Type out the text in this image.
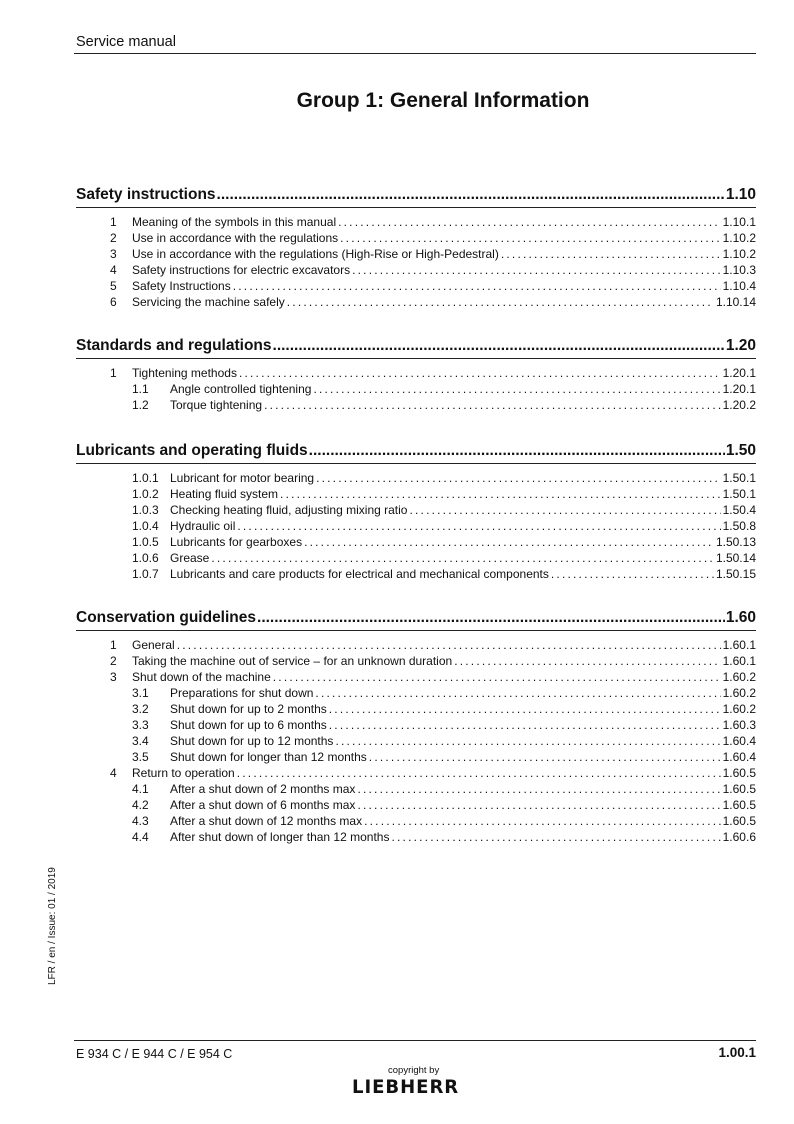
Service manual
Group 1: General Information
Safety instructions .....	1.10
1	Meaning of the symbols in this manual .....	1.10.1
2	Use in accordance with the regulations .....	1.10.2
3	Use in accordance with the regulations (High-Rise or High-Pedestral) .....	1.10.2
4	Safety instructions for electric excavators .....	1.10.3
5	Safety Instructions .....	1.10.4
6	Servicing the machine safely .....	1.10.14
Standards and regulations .....	1.20
1	Tightening methods .....	1.20.1
1.1	Angle controlled tightening .....	1.20.1
1.2	Torque tightening .....	1.20.2
Lubricants and operating fluids .....	1.50
1.0.1 Lubricant for motor bearing .....	1.50.1
1.0.2 Heating fluid system .....	1.50.1
1.0.3 Checking heating fluid, adjusting mixing ratio .....	1.50.4
1.0.4 Hydraulic oil .....	1.50.8
1.0.5 Lubricants for gearboxes .....	1.50.13
1.0.6 Grease .....	1.50.14
1.0.7 Lubricants and care products for electrical and mechanical components .....	1.50.15
Conservation guidelines .....	1.60
1	General .....	1.60.1
2	Taking the machine out of service – for an unknown duration .....	1.60.1
3	Shut down of the machine .....	1.60.2
3.1	Preparations for shut down .....	1.60.2
3.2	Shut down for up to 2 months .....	1.60.2
3.3	Shut down for up to 6 months .....	1.60.3
3.4	Shut down for up to 12 months .....	1.60.4
3.5	Shut down for longer than 12 months .....	1.60.4
4	Return to operation .....	1.60.5
4.1	After a shut down of 2 months max .....	1.60.5
4.2	After a shut down of 6 months max .....	1.60.5
4.3	After a shut down of 12 months max .....	1.60.5
4.4	After shut down of longer than 12 months .....	1.60.6
LFR / en / Issue: 01 / 2019
E 934 C / E 944 C / E 954 C	1.00.1
copyright by
LIEBHERR
